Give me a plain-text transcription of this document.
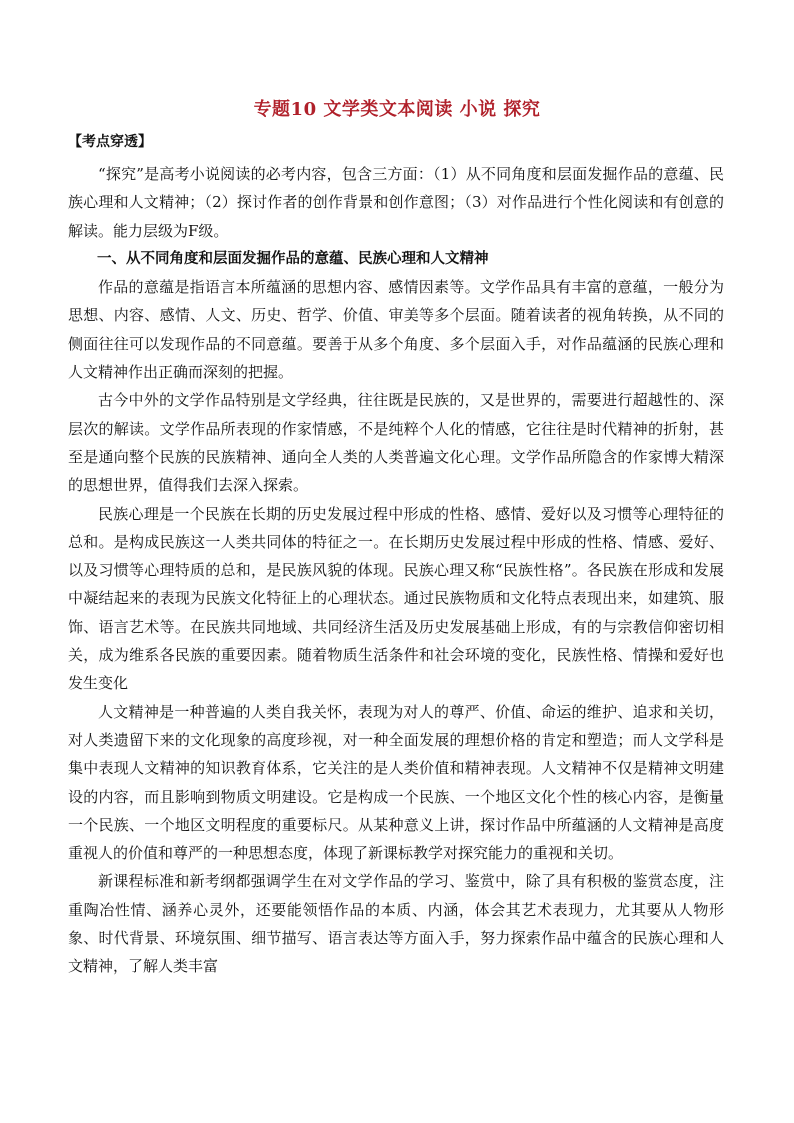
专题10 文学类文本阅读 小说 探究
【考点穿透】

“探究”是高考小说阅读的必考内容，包含三方面：（1）从不同角度和层面发掘作品的意蕴、民族心理和人文精神；（2）探讨作者的创作背景和创作意图；（3）对作品进行个性化阅读和有创意的解读。能力层级为F级。

一、从不同角度和层面发掘作品的意蕴、民族心理和人文精神

作品的意蕴是指语言本所蕴涵的思想内容、感情因素等。文学作品具有丰富的意蕴，一般分为思想、内容、感情、人文、历史、哲学、价值、审美等多个层面。随着读者的视角转换，从不同的侧面往往可以发现作品的不同意蕴。要善于从多个角度、多个层面入手，对作品蕴涵的民族心理和人文精神作出正确而深刻的把握。

古今中外的文学作品特别是文学经典，往往既是民族的，又是世界的，需要进行超越性的、深层次的解读。文学作品所表现的作家情感，不是纯粹个人化的情感，它往往是时代精神的折射，甚至是通向整个民族的民族精神、通向全人类的人类普遍文化心理。文学作品所隐含的作家博大精深的思想世界，值得我们去深入探索。

民族心理是一个民族在长期的历史发展过程中形成的性格、感情、爱好以及习惯等心理特征的总和。是构成民族这一人类共同体的特征之一。在长期历史发展过程中形成的性格、情感、爱好、以及习惯等心理特质的总和，是民族风貌的体现。民族心理又称“民族性格”。各民族在形成和发展中凝结起来的表现为民族文化特征上的心理状态。通过民族物质和文化特点表现出来，如建筑、服饰、语言艺术等。在民族共同地域、共同经济生活及历史发展基础上形成，有的与宗教信仰密切相关，成为维系各民族的重要因素。随着物质生活条件和社会环境的变化，民族性格、情操和爱好也发生变化

人文精神是一种普遍的人类自我关怀，表现为对人的尊严、价值、命运的维护、追求和关切，对人类遗留下来的文化现象的高度珍视，对一种全面发展的理想价格的肯定和塑造；而人文学科是集中表现人文精神的知识教育体系，它关注的是人类价值和精神表现。人文精神不仅是精神文明建设的内容，而且影响到物质文明建设。它是构成一个民族、一个地区文化个性的核心内容，是衡量一个民族、一个地区文明程度的重要标尺。从某种意义上讲，探讨作品中所蕴涵的人文精神是高度重视人的价值和尊严的一种思想态度，体现了新课标教学对探究能力的重视和关切。

新课程标准和新考纲都强调学生在对文学作品的学习、鉴赏中，除了具有积极的鉴赏态度，注重陶冶性情、涵养心灵外，还要能领悟作品的本质、内涵，体会其艺术表现力，尤其要从人物形象、时代背景、环境氛围、细节描写、语言表达等方面入手，努力探索作品中蕴含的民族心理和人文精神，了解人类丰富
